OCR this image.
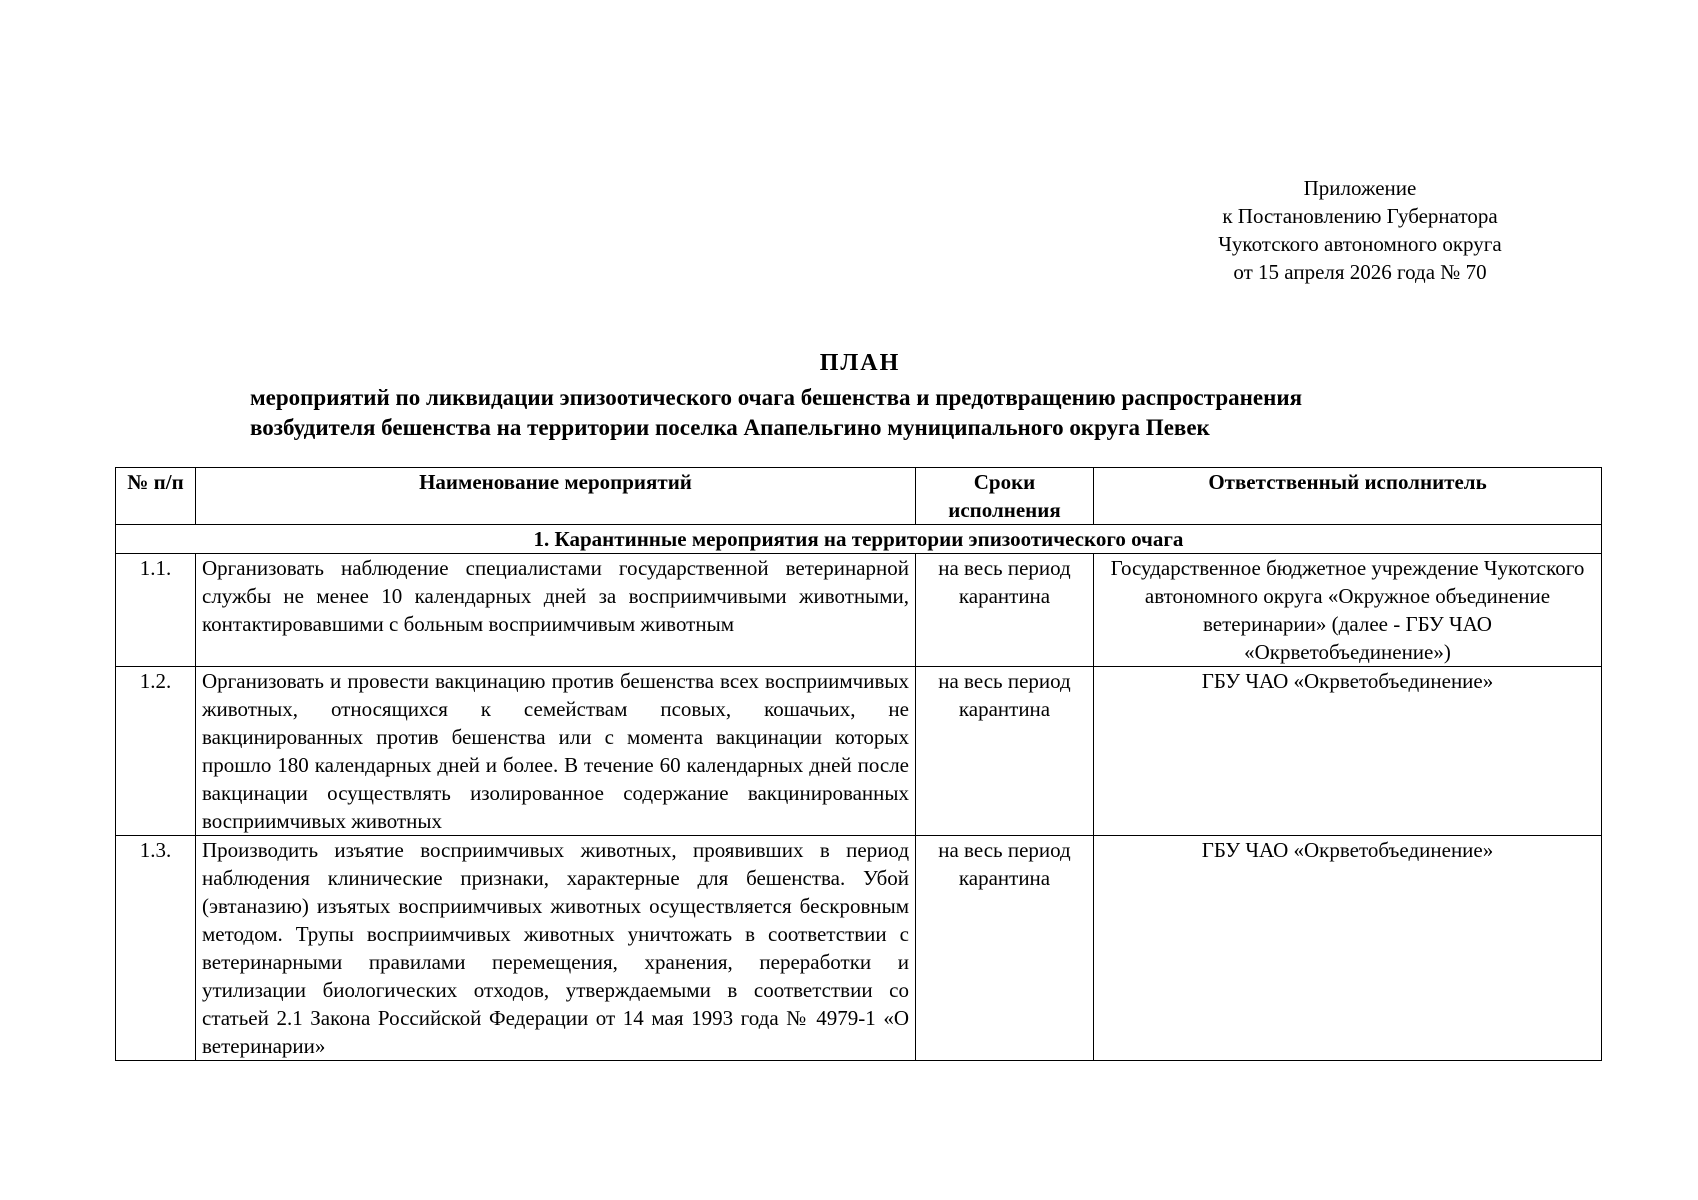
Приложение
к Постановлению Губернатора
Чукотского автономного округа
от 15 апреля 2026 года № 70
ПЛАН
мероприятий по ликвидации эпизоотического очага бешенства и предотвращению распространения
возбудителя бешенства на территории поселка Апапельгино муниципального округа Певек
№ п/п	Наименование мероприятий	Сроки исполнения	Ответственный исполнитель
1. Карантинные мероприятия на территории эпизоотического очага			
1.1.	Организовать наблюдение специалистами государственной ветеринарной службы не менее 10 календарных дней за восприимчивыми животными, контактировавшими с больным восприимчивым животным	на весь период карантина	Государственное бюджетное учреждение Чукотского автономного округа «Окружное объединение ветеринарии» (далее - ГБУ ЧАО «Окрветобъединение»)
1.2.	Организовать и провести вакцинацию против бешенства всех восприимчивых животных, относящихся к семействам псовых, кошачьих, не вакцинированных против бешенства или с момента вакцинации которых прошло 180 календарных дней и более. В течение 60 календарных дней после вакцинации осуществлять изолированное содержание вакцинированных восприимчивых животных	на весь период карантина	ГБУ ЧАО «Окрветобъединение»
1.3.	Производить изъятие восприимчивых животных, проявивших в период наблюдения клинические признаки, характерные для бешенства. Убой (эвтаназию) изъятых восприимчивых животных осуществляется бескровным методом. Трупы восприимчивых животных уничтожать в соответствии с ветеринарными правилами перемещения, хранения, переработки и утилизации биологических отходов, утверждаемыми в соответствии со статьей 2.1 Закона Российской Федерации от 14 мая 1993 года № 4979-1 «О ветеринарии»	на весь период карантина	ГБУ ЧАО «Окрветобъединение»
